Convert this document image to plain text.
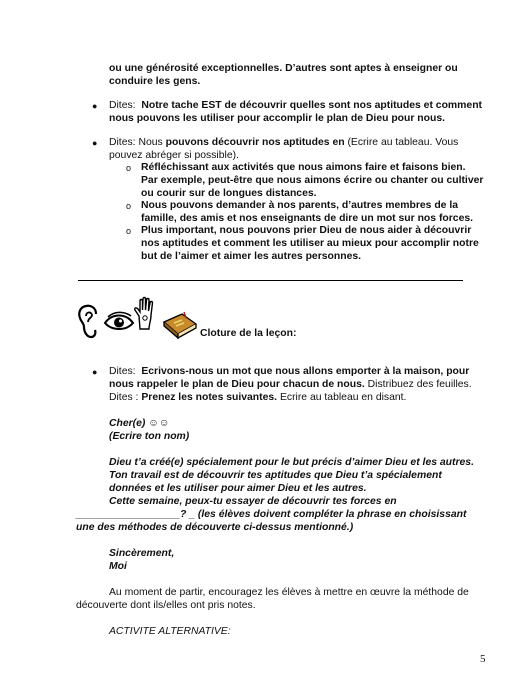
ou une générosité exceptionnelles. D’autres sont aptes à enseigner ou
conduire les gens.
● Dites: Notre tache EST de découvrir quelles sont nos aptitudes et comment
nous pouvons les utiliser pour accomplir le plan de Dieu pour nous.
● Dites: Nous pouvons découvrir nos aptitudes en (Ecrire au tableau. Vous
pouvez abréger si possible).
o Réfléchissant aux activités que nous aimons faire et faisons bien.
Par exemple, peut-être que nous aimons écrire ou chanter ou cultiver
ou courir sur de longues distances.
o Nous pouvons demander à nos parents, d’autres membres de la
famille, des amis et nos enseignants de dire un mot sur nos forces.
o Plus important, nous pouvons prier Dieu de nous aider à découvrir
nos aptitudes et comment les utiliser au mieux pour accomplir notre
but de l’aimer et aimer les autres personnes.
Cloture de la leçon:
● Dites: Ecrivons-nous un mot que nous allons emporter à la maison, pour
nous rappeler le plan de Dieu pour chacun de nous. Distribuez des feuilles.
Dites : Prenez les notes suivantes. Ecrire au tableau en disant.
Cher(e) ☺☺
(Ecrire ton nom)
Dieu t’a créé(e) spécialement pour le but précis d’aimer Dieu et les autres.
Ton travail est de découvrir tes aptitudes que Dieu t’a spécialement
données et les utiliser pour aimer Dieu et les autres.
Cette semaine, peux-tu essayer de découvrir tes forces en
__________________? _ (les élèves doivent compléter la phrase en choisissant
une des méthodes de découverte ci-dessus mentionné.)
Sincèrement,
Moi
Au moment de partir, encouragez les élèves à mettre en œuvre la méthode de
découverte dont ils/elles ont pris notes.
ACTIVITE ALTERNATIVE:
5
